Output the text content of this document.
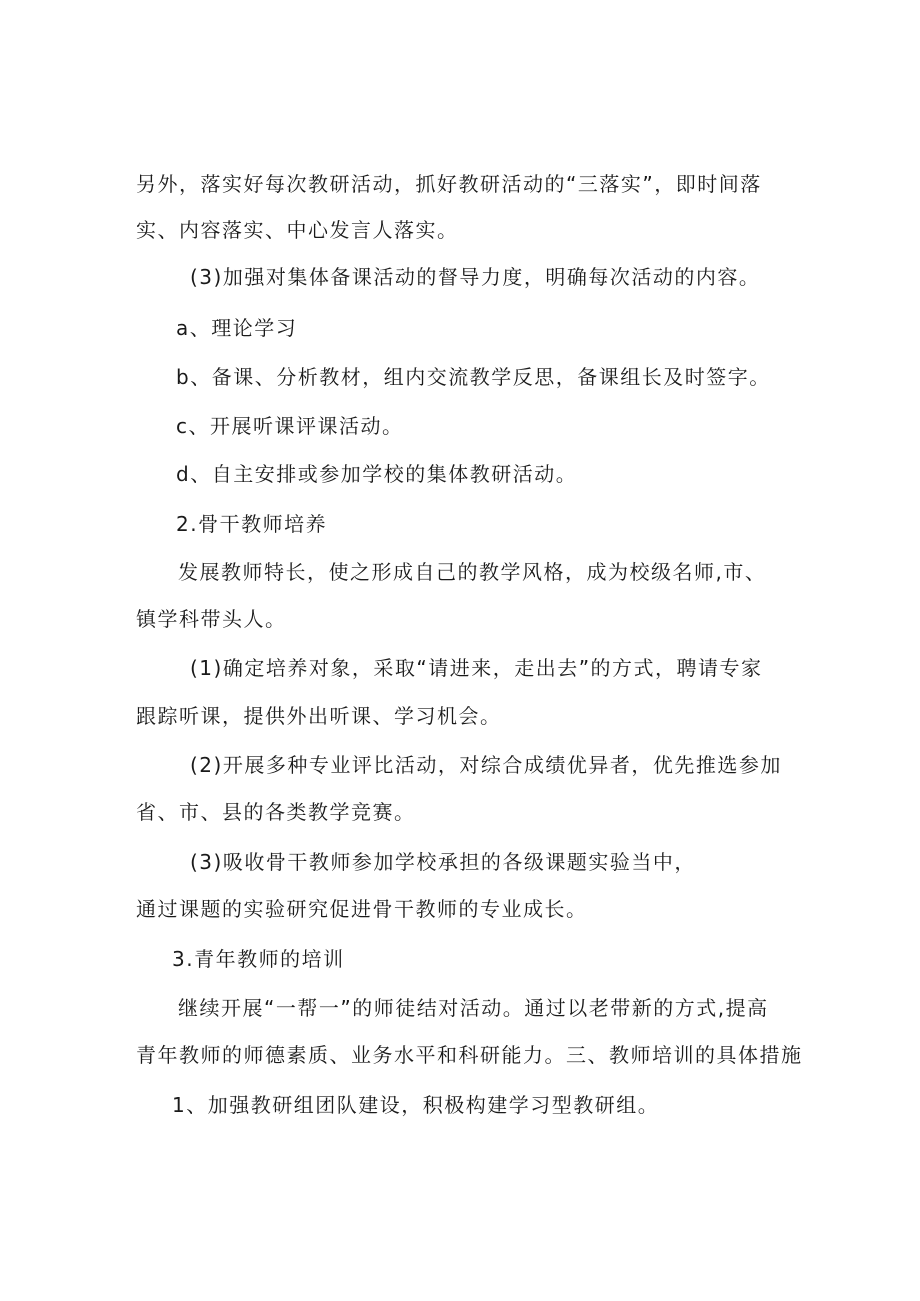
另外，落实好每次教研活动，抓好教研活动的“三落实”，即时间落
实、内容落实、中心发言人落实。
(3)加强对集体备课活动的督导力度，明确每次活动的内容。
a、理论学习
b、备课、分析教材，组内交流教学反思，备课组长及时签字。
c、开展听课评课活动。
d、自主安排或参加学校的集体教研活动。
2.骨干教师培养
发展教师特长，使之形成自己的教学风格，成为校级名师,市、
镇学科带头人。
(1)确定培养对象，采取“请进来，走出去”的方式，聘请专家
跟踪听课，提供外出听课、学习机会。
(2)开展多种专业评比活动，对综合成绩优异者，优先推选参加
省、市、县的各类教学竞赛。
(3)吸收骨干教师参加学校承担的各级课题实验当中，
通过课题的实验研究促进骨干教师的专业成长。
3.青年教师的培训
继续开展“一帮一”的师徒结对活动。通过以老带新的方式,提高
青年教师的师德素质、业务水平和科研能力。三、教师培训的具体措施
1、加强教研组团队建设，积极构建学习型教研组。
